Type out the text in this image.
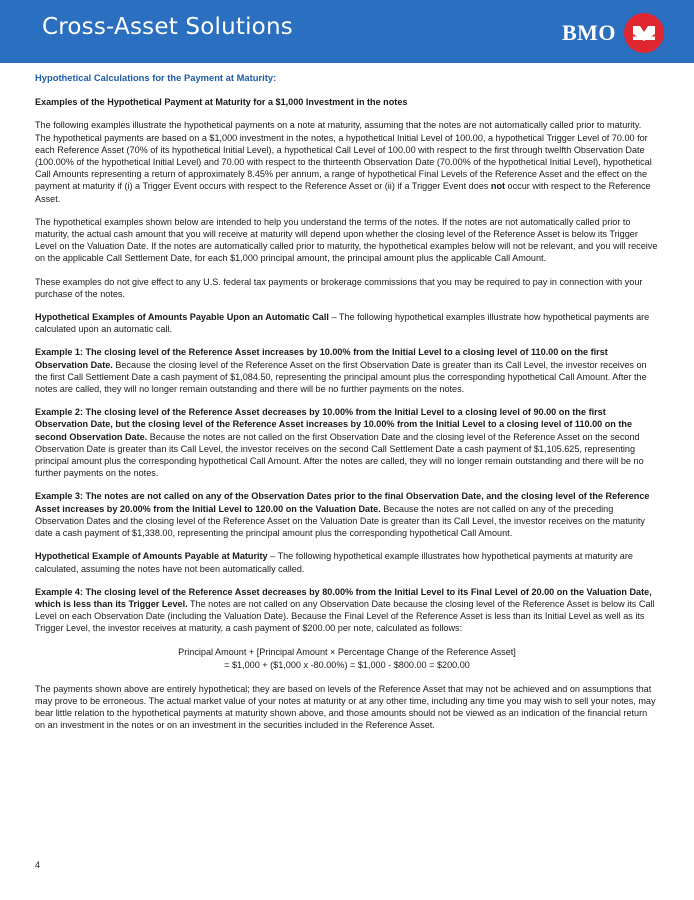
Cross-Asset Solutions	BMO
Hypothetical Calculations for the Payment at Maturity:

Examples of the Hypothetical Payment at Maturity for a $1,000 Investment in the notes

The following examples illustrate the hypothetical payments on a note at maturity, assuming that the notes are not automatically called prior to maturity. The hypothetical payments are based on a $1,000 investment in the notes, a hypothetical Initial Level of 100.00, a hypothetical Trigger Level of 70.00 for each Reference Asset (70% of its hypothetical Initial Level), a hypothetical Call Level of 100.00 with respect to the first through twelfth Observation Date (100.00% of the hypothetical Initial Level) and 70.00 with respect to the thirteenth Observation Date (70.00% of the hypothetical Initial Level), hypothetical Call Amounts representing a return of approximately 8.45% per annum, a range of hypothetical Final Levels of the Reference Asset and the effect on the payment at maturity if (i) a Trigger Event occurs with respect to the Reference Asset or (ii) if a Trigger Event does not occur with respect to the Reference Asset.

The hypothetical examples shown below are intended to help you understand the terms of the notes. If the notes are not automatically called prior to maturity, the actual cash amount that you will receive at maturity will depend upon whether the closing level of the Reference Asset is below its Trigger Level on the Valuation Date. If the notes are automatically called prior to maturity, the hypothetical examples below will not be relevant, and you will receive on the applicable Call Settlement Date, for each $1,000 principal amount, the principal amount plus the applicable Call Amount.

These examples do not give effect to any U.S. federal tax payments or brokerage commissions that you may be required to pay in connection with your purchase of the notes.

Hypothetical Examples of Amounts Payable Upon an Automatic Call – The following hypothetical examples illustrate how hypothetical payments are calculated upon an automatic call.

Example 1: The closing level of the Reference Asset increases by 10.00% from the Initial Level to a closing level of 110.00 on the first Observation Date. Because the closing level of the Reference Asset on the first Observation Date is greater than its Call Level, the investor receives on the first Call Settlement Date a cash payment of $1,084.50, representing the principal amount plus the corresponding hypothetical Call Amount. After the notes are called, they will no longer remain outstanding and there will be no further payments on the notes.

Example 2: The closing level of the Reference Asset decreases by 10.00% from the Initial Level to a closing level of 90.00 on the first Observation Date, but the closing level of the Reference Asset increases by 10.00% from the Initial Level to a closing level of 110.00 on the second Observation Date. Because the notes are not called on the first Observation Date and the closing level of the Reference Asset on the second Observation Date is greater than its Call Level, the investor receives on the second Call Settlement Date a cash payment of $1,105.625, representing principal amount plus the corresponding hypothetical Call Amount. After the notes are called, they will no longer remain outstanding and there will be no further payments on the notes.

Example 3: The notes are not called on any of the Observation Dates prior to the final Observation Date, and the closing level of the Reference Asset increases by 20.00% from the Initial Level to 120.00 on the Valuation Date. Because the notes are not called on any of the preceding Observation Dates and the closing level of the Reference Asset on the Valuation Date is greater than its Call Level, the investor receives on the maturity date a cash payment of $1,338.00, representing the principal amount plus the corresponding hypothetical Call Amount.

Hypothetical Example of Amounts Payable at Maturity – The following hypothetical example illustrates how hypothetical payments at maturity are calculated, assuming the notes have not been automatically called.

Example 4: The closing level of the Reference Asset decreases by 80.00% from the Initial Level to its Final Level of 20.00 on the Valuation Date, which is less than its Trigger Level. The notes are not called on any Observation Date because the closing level of the Reference Asset is below its Call Level on each Observation Date (including the Valuation Date). Because the Final Level of the Reference Asset is less than its Initial Level as well as its Trigger Level, the investor receives at maturity, a cash payment of $200.00 per note, calculated as follows:

Principal Amount + [Principal Amount × Percentage Change of the Reference Asset]
= $1,000 + ($1,000 x -80.00%) = $1,000 - $800.00 = $200.00

The payments shown above are entirely hypothetical; they are based on levels of the Reference Asset that may not be achieved and on assumptions that may prove to be erroneous. The actual market value of your notes at maturity or at any other time, including any time you may wish to sell your notes, may bear little relation to the hypothetical payments at maturity shown above, and those amounts should not be viewed as an indication of the financial return on an investment in the notes or on an investment in the securities included in the Reference Asset.

4
